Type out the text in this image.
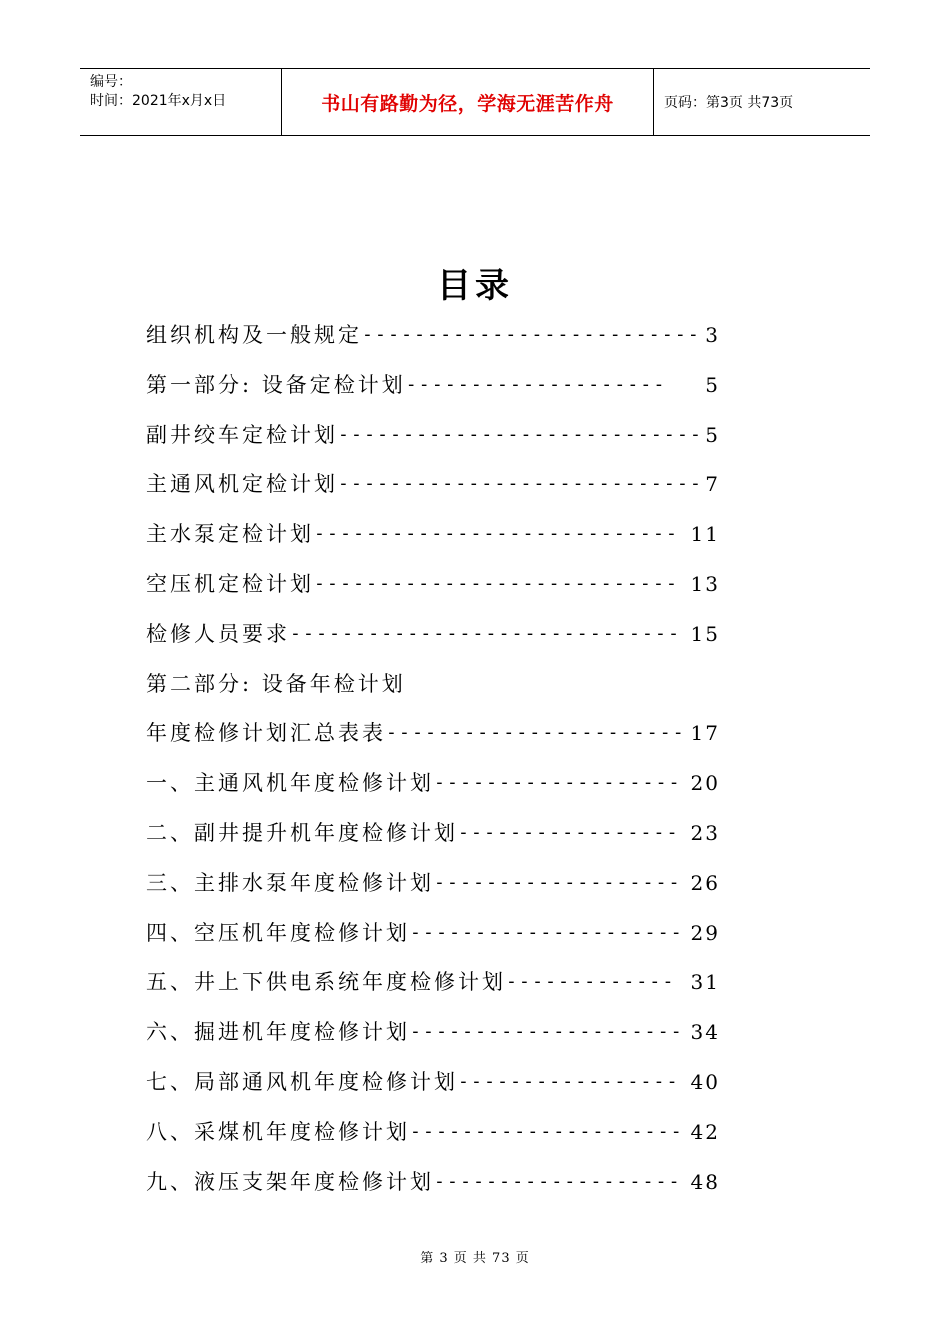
编号：
时间：2021年x月x日	书山有路勤为径，学海无涯苦作舟	页码：第3页 共73页
目录
组织机构及一般规定 -------------------------- 3
第一部分: 设备定检计划 -------------------- 5
副井绞车定检计划 ---------------------------- 5
主通风机定检计划 ---------------------------- 7
主水泵定检计划 ---------------------------- 11
空压机定检计划 ---------------------------- 13
检修人员要求 ------------------------------ 15
第二部分: 设备年检计划
年度检修计划汇总表表 ----------------------- 17
一、主通风机年度检修计划 ------------------- 20
二、副井提升机年度检修计划 ----------------- 23
三、主排水泵年度检修计划 ------------------- 26
四、空压机年度检修计划 --------------------- 29
五、井上下供电系统年度检修计划 ------------- 31
六、掘进机年度检修计划 --------------------- 34
七、局部通风机年度检修计划 ----------------- 40
八、采煤机年度检修计划 --------------------- 42
九、液压支架年度检修计划 ------------------- 48
第 3 页 共 73 页
